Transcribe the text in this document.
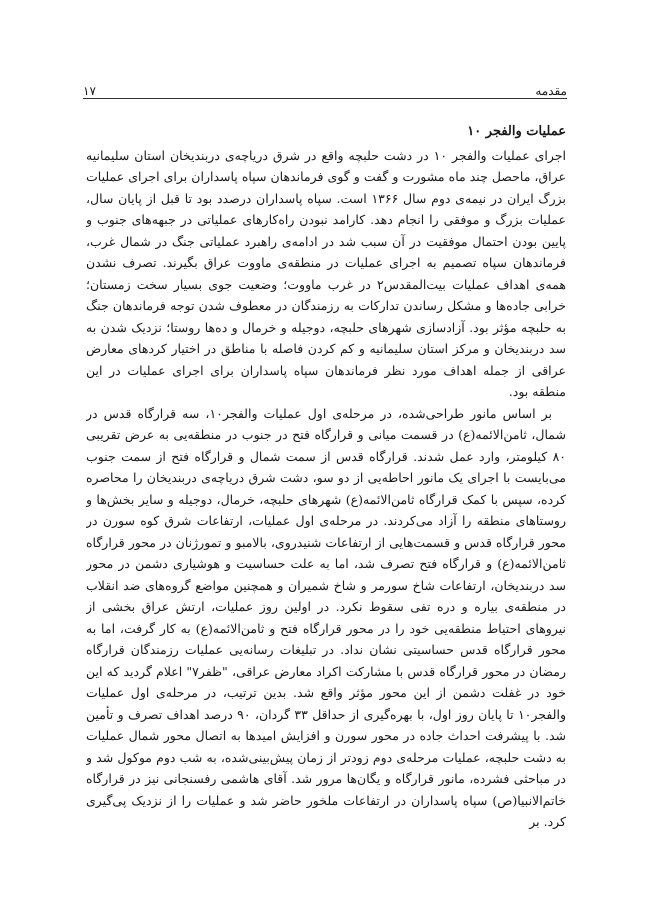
مقدمه
۱۷
عملیات والفجر ۱۰

اجرای عملیات والفجر ۱۰ در دشت حلبچه واقع در شرق دریاچه‌ی دربندیخان استان سلیمانیه عراق، ماحصل چند ماه مشورت و گفت و گوی فرماندهان سپاه پاسداران برای اجرای عملیات بزرگ ایران در نیمه‌ی دوم سال ۱۳۶۶ است. سپاه پاسداران درصدد بود تا قبل از پایان سال، عملیات بزرگ و موفقی را انجام دهد. کارامد نبودن راه‌کارهای عملیاتی در جبهه‌های جنوب و پایین بودن احتمال موفقیت در آن سبب شد در ادامه‌ی راهبرد عملیاتی جنگ در شمال غرب، فرماندهان سپاه تصمیم به اجرای عملیات در منطقه‌ی ماووت عراق بگیرند. تصرف نشدن همه‌ی اهداف عملیات بیت‌المقدس۲ در غرب ماووت؛ وضعیت جوی بسیار سخت زمستان؛ خرابی جاده‌ها و مشکل رساندن تدارکات به رزمندگان در معطوف شدن توجه فرماندهان جنگ به حلبچه مؤثر بود. آزادسازی شهرهای حلبچه، دوجیله و خرمال و ده‌ها روستا؛ نزدیک شدن به سد دربندیخان و مرکز استان سلیمانیه و کم کردن فاصله با مناطق در اختیار کردهای معارض عراقی از جمله اهداف مورد نظر فرماندهان سپاه پاسداران برای اجرای عملیات در این منطقه بود.

بر اساس مانور طراحی‌شده، در مرحله‌ی اول عملیات والفجر۱۰، سه قرارگاه قدس در شمال، ثامن‌الائمه(ع) در قسمت میانی و قرارگاه فتح در جنوب در منطقه‌یی به عرض تقریبی ۸۰ کیلومتر، وارد عمل شدند. قرارگاه قدس از سمت شمال و قرارگاه فتح از سمت جنوب می‌بایست با اجرای یک مانور احاطه‌یی از دو سو، دشت شرق دریاچه‌ی دربندیخان را محاصره کرده، سپس با کمک قرارگاه ثامن‌الائمه(ع) شهرهای حلبچه، خرمال، دوجیله و سایر بخش‌ها و روستاهای منطقه را آزاد می‌کردند. در مرحله‌ی اول عملیات، ارتفاعات شرق کوه سورن در محور قرارگاه قدس و قسمت‌هایی از ارتفاعات شنیدروی، بالامبو و تمورژنان در محور قرارگاه ثامن‌الائمه(ع) و قرارگاه فتح تصرف شد، اما به علت حساسیت و هوشیاری دشمن در محور سد دربندیخان، ارتفاعات شاخ سورمر و شاخ شمیران و همچنین مواضع گروه‌های ضد انقلاب در منطقه‌ی بیاره و دره تفی سقوط نکرد. در اولین روز عملیات، ارتش عراق بخشی از نیروهای احتیاط منطقه‌یی خود را در محور قرارگاه فتح و ثامن‌الائمه(ع) به کار گرفت، اما به محور قرارگاه قدس حساسیتی نشان نداد. در تبلیغات رسانه‌یی عملیات رزمندگان قرارگاه رمضان در محور قرارگاه قدس با مشارکت اکراد معارض عراقی، "ظفر۷" اعلام گردید که این خود در غفلت دشمن از این محور مؤثر واقع شد. بدین ترتیب، در مرحله‌ی اول عملیات والفجر۱۰ تا پایان روز اول، با بهره‌گیری از حداقل ۳۳ گردان، ۹۰ درصد اهداف تصرف و تأمین شد. با پیشرفت احداث جاده در محور سورن و افزایش امیدها به اتصال محور شمال عملیات به دشت حلبچه، عملیات مرحله‌ی دوم زودتر از زمان پیش‌بینی‌شده، به شب دوم موکول شد و در مباحثی فشرده، مانور قرارگاه و یگان‌ها مرور شد. آقای هاشمی رفسنجانی نیز در قرارگاه خاتم‌الانبیا(ص) سپاه پاسداران در ارتفاعات ملخور حاضر شد و عملیات را از نزدیک پی‌گیری کرد. بر
